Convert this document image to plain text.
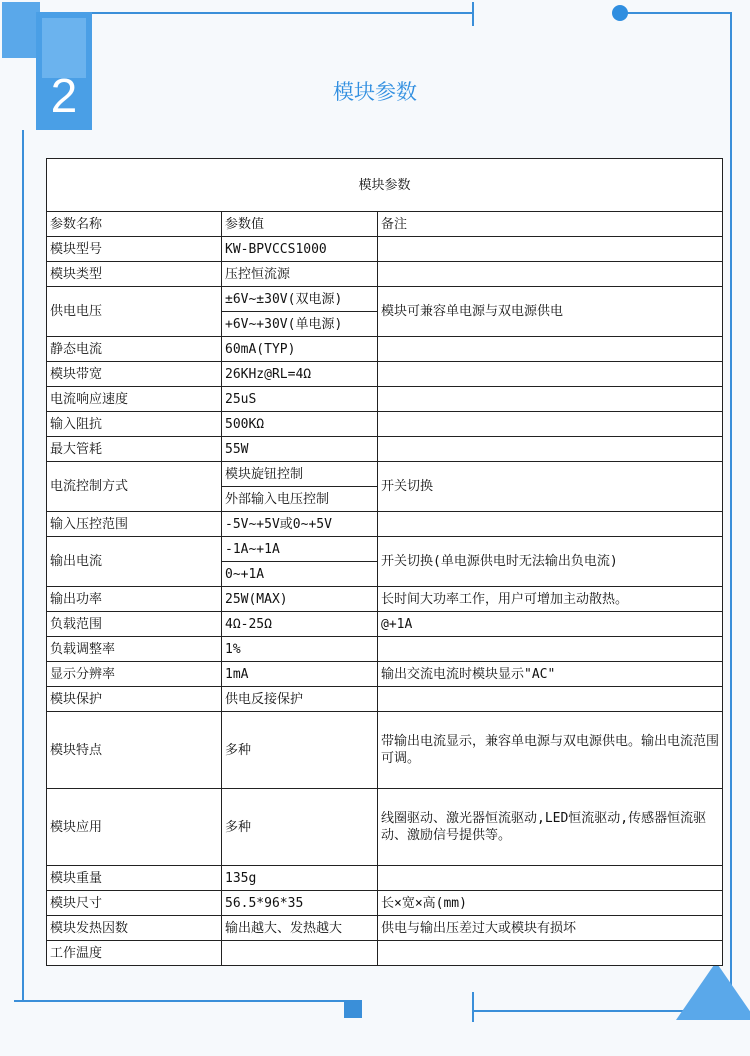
2	模块参数
模块参数		
参数名称	参数值	备注
模块型号	KW-BPVCCS1000	
模块类型	压控恒流源	
供电电压	±6V~±30V(双电源)	模块可兼容单电源与双电源供电
	+6V~+30V(单电源)	
静态电流	60mA(TYP)	
模块带宽	26KHz@RL=4Ω	
电流响应速度	25uS	
输入阻抗	500KΩ	
最大管耗	55W	
电流控制方式	模块旋钮控制	开关切换
	外部输入电压控制	
输入压控范围	-5V~+5V或0~+5V	
输出电流	-1A~+1A	开关切换(单电源供电时无法输出负电流)
	0~+1A	
输出功率	25W(MAX)	长时间大功率工作，用户可增加主动散热。
负载范围	4Ω-25Ω	@+1A
负载调整率	1%	
显示分辨率	1mA	输出交流电流时模块显示"AC"
模块保护	供电反接保护	
模块特点	多种	带输出电流显示，兼容单电源与双电源供电。输出电流范围可调。
模块应用	多种	线圈驱动、激光器恒流驱动,LED恒流驱动,传感器恒流驱动、激励信号提供等。
模块重量	135g	
模块尺寸	56.5*96*35	长×宽×高(mm)
模块发热因数	输出越大、发热越大	供电与输出压差过大或模块有损坏
工作温度		
